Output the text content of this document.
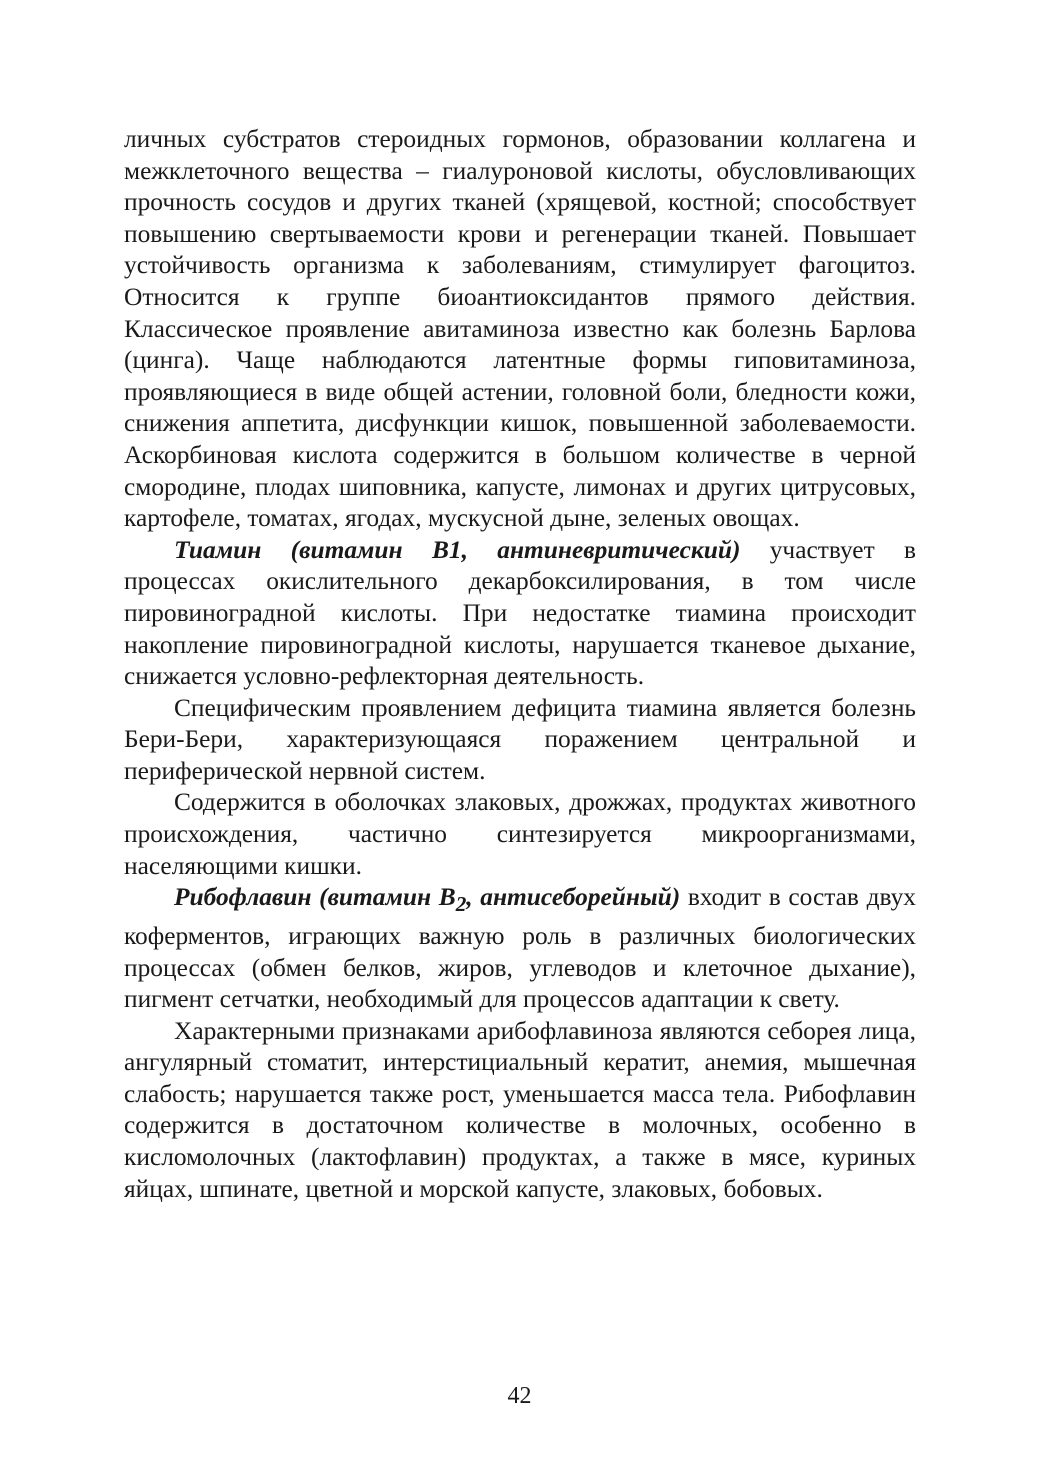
личных субстратов стероидных гормонов, образовании коллагена и межклеточного вещества – гиалуроновой кислоты, обусловливающих прочность сосудов и других тканей (хрящевой, костной; способствует повышению свертываемости крови и регенерации тканей. Повышает устойчивость организма к заболеваниям, стимулирует фагоцитоз. Относится к группе биоантиоксидантов прямого действия. Классическое проявление авитаминоза известно как болезнь Барлова (цинга). Чаще наблюдаются латентные формы гиповитаминоза, проявляющиеся в виде общей астении, головной боли, бледности кожи, снижения аппетита, дисфункции кишок, повышенной заболеваемости. Аскорбиновая кислота содержится в большом количестве в черной смородине, плодах шиповника, капусте, лимонах и других цитрусовых, картофеле, томатах, ягодах, мускусной дыне, зеленых овощах.

Тиамин (витамин В1, антиневритический) участвует в процессах окислительного декарбоксилирования, в том числе пировиноградной кислоты. При недостатке тиамина происходит накопление пировиноградной кислоты, нарушается тканевое дыхание, снижается условно-рефлекторная деятельность.

Специфическим проявлением дефицита тиамина является болезнь Бери-Бери, характеризующаяся поражением центральной и периферической нервной систем.

Содержится в оболочках злаковых, дрожжах, продуктах животного происхождения, частично синтезируется микроорганизмами, населяющими кишки.

Рибофлавин (витамин $В_2$, антисеборейный) входит в состав двух коферментов, играющих важную роль в различных биологических процессах (обмен белков, жиров, углеводов и клеточное дыхание), пигмент сетчатки, необходимый для процессов адаптации к свету.

Характерными признаками арибофлавиноза являются себорея лица, ангулярный стоматит, интерстициальный кератит, анемия, мышечная слабость; нарушается также рост, уменьшается масса тела. Рибофлавин содержится в достаточном количестве в молочных, особенно в кисломолочных (лактофлавин) продуктах, а также в мясе, куриных яйцах, шпинате, цветной и морской капусте, злаковых, бобовых.

42
